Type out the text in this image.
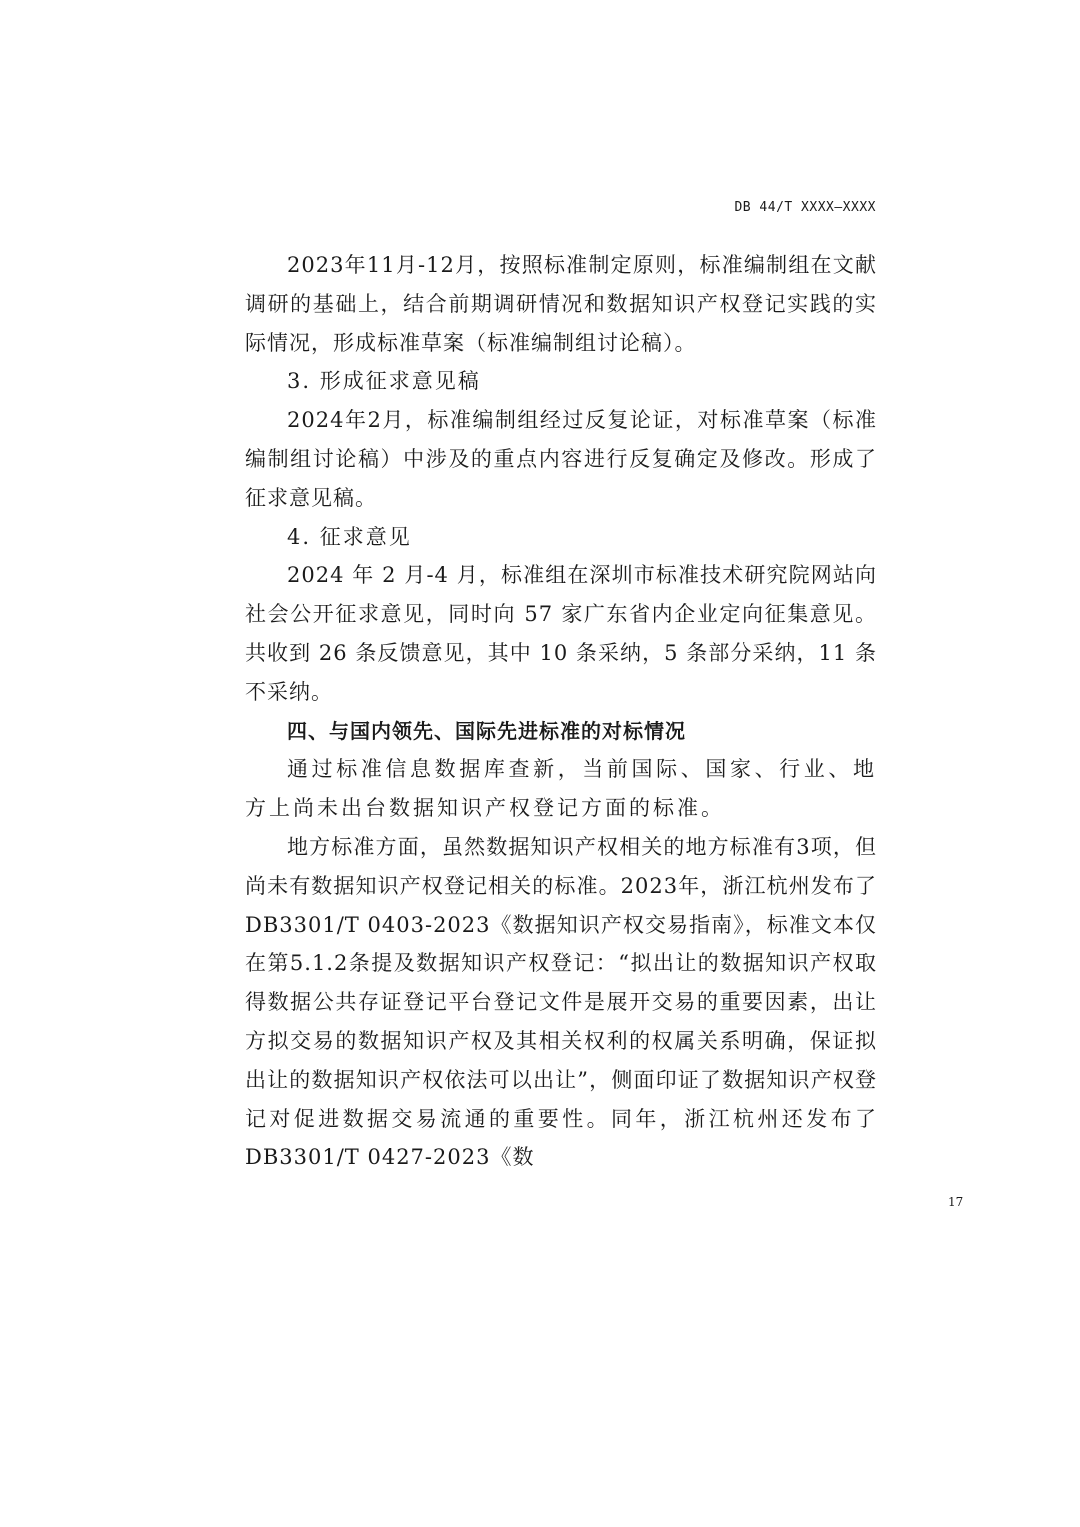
DB 44/T XXXX—XXXX

2023年11月-12月，按照标准制定原则，标准编制组在文献调研的基础上，结合前期调研情况和数据知识产权登记实践的实际情况，形成标准草案（标准编制组讨论稿）。

3. 形成征求意见稿

2024年2月，标准编制组经过反复论证，对标准草案（标准编制组讨论稿）中涉及的重点内容进行反复确定及修改。形成了征求意见稿。

4. 征求意见

2024 年 2 月-4 月，标准组在深圳市标准技术研究院网站向社会公开征求意见，同时向 57 家广东省内企业定向征集意见。共收到 26 条反馈意见，其中 10 条采纳，5 条部分采纳，11 条不采纳。

四、与国内领先、国际先进标准的对标情况

通过标准信息数据库查新，当前国际、国家、行业、地方上尚未出台数据知识产权登记方面的标准。

地方标准方面，虽然数据知识产权相关的地方标准有3项，但尚未有数据知识产权登记相关的标准。2023年，浙江杭州发布了DB3301/T 0403-2023《数据知识产权交易指南》，标准文本仅在第5.1.2条提及数据知识产权登记：“拟出让的数据知识产权取得数据公共存证登记平台登记文件是展开交易的重要因素，出让方拟交易的数据知识产权及其相关权利的权属关系明确，保证拟出让的数据知识产权依法可以出让”，侧面印证了数据知识产权登记对促进数据交易流通的重要性。同年，浙江杭州还发布了DB3301/T 0427-2023《数

17
